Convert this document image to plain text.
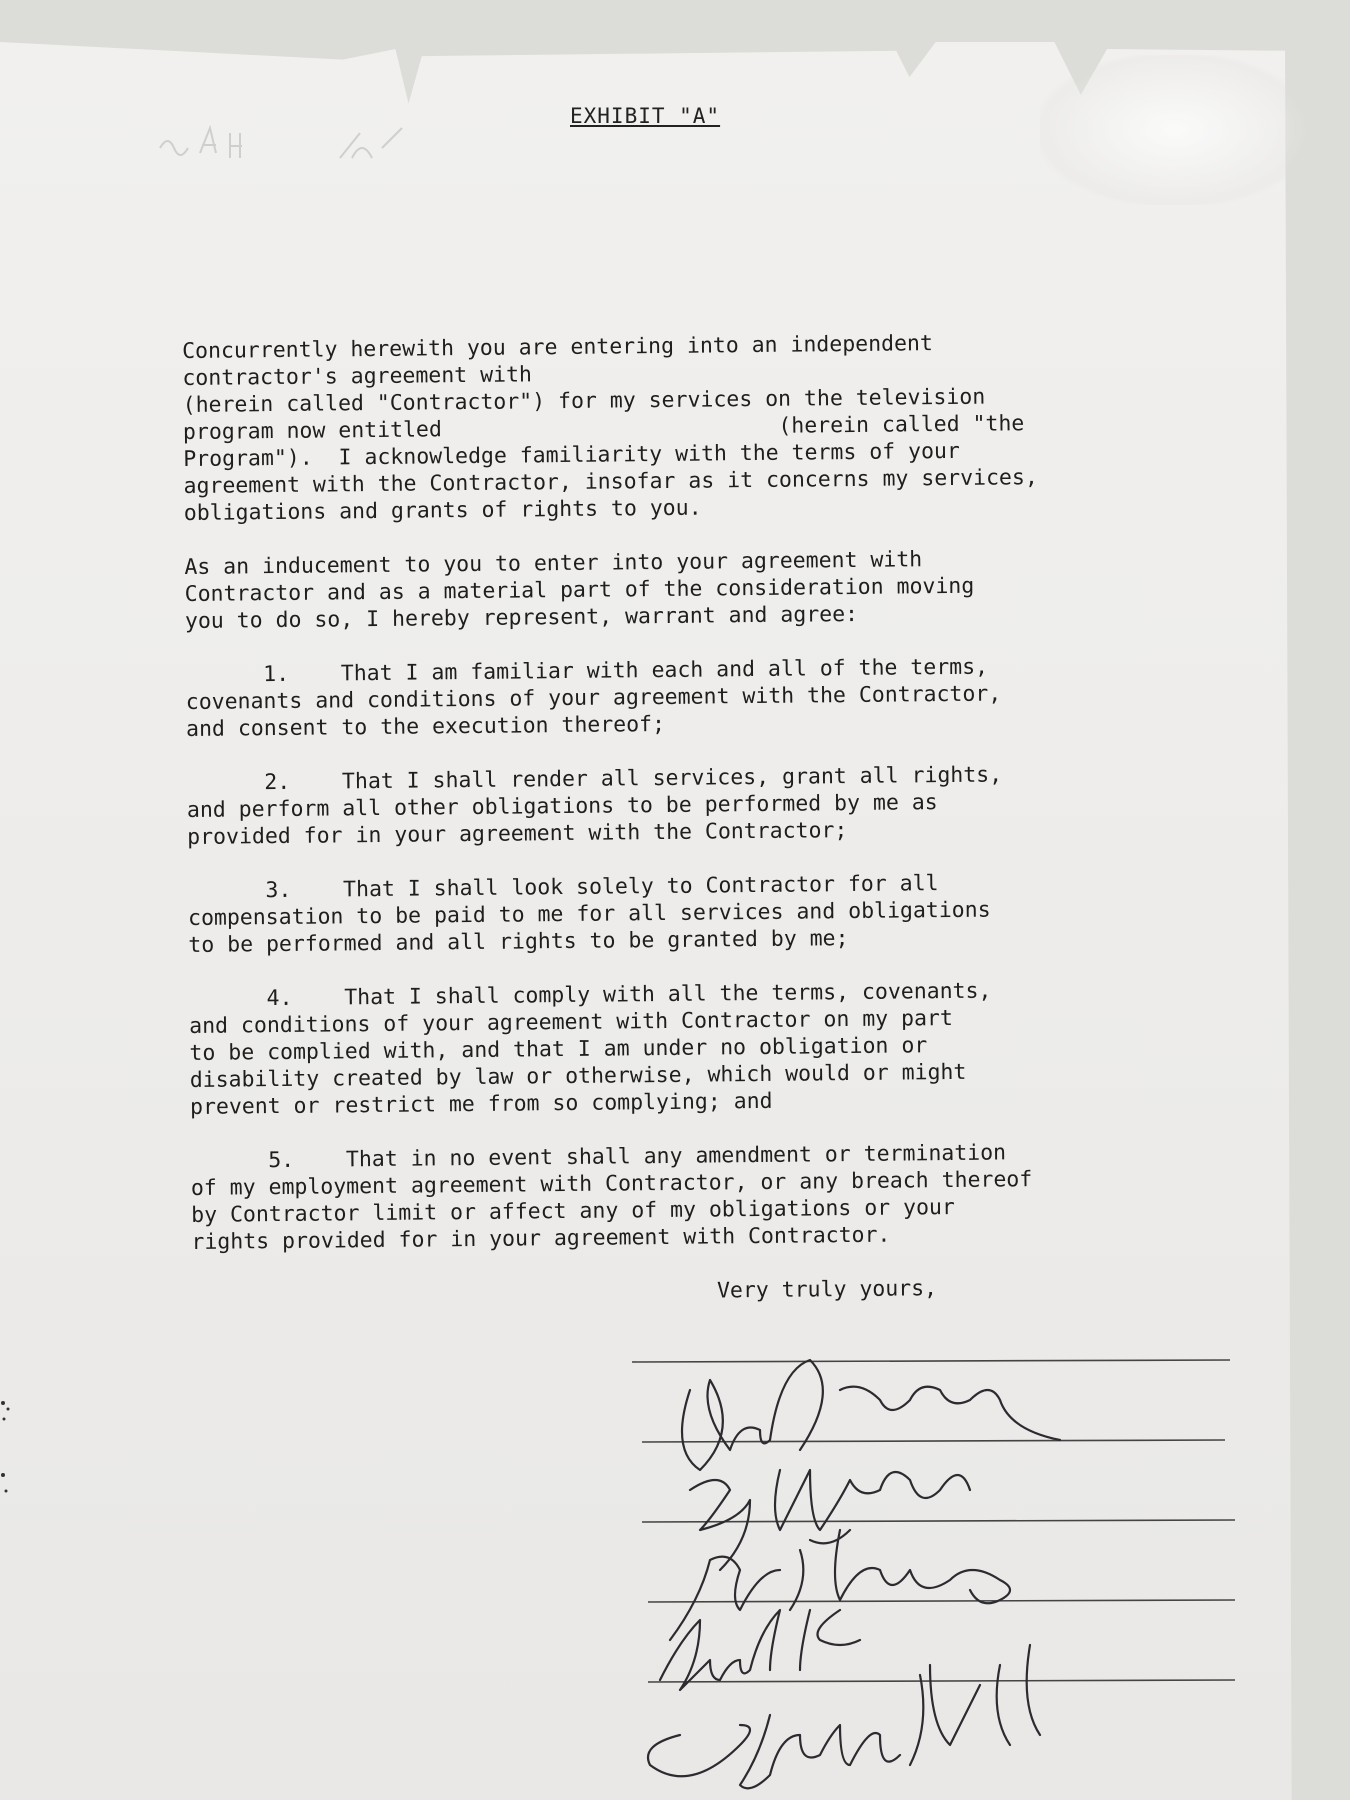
EXHIBIT "A"

Concurrently herewith you are entering into an independent
contractor's agreement with
(herein called "Contractor") for my services on the television
program now entitled                          (herein called "the
Program").  I acknowledge familiarity with the terms of your
agreement with the Contractor, insofar as it concerns my services,
obligations and grants of rights to you.

As an inducement to you to enter into your agreement with
Contractor and as a material part of the consideration moving
you to do so, I hereby represent, warrant and agree:

1.    That I am familiar with each and all of the terms,
covenants and conditions of your agreement with the Contractor,
and consent to the execution thereof;

2.    That I shall render all services, grant all rights,
and perform all other obligations to be performed by me as
provided for in your agreement with the Contractor;

3.    That I shall look solely to Contractor for all
compensation to be paid to me for all services and obligations
to be performed and all rights to be granted by me;

4.    That I shall comply with all the terms, covenants,
and conditions of your agreement with Contractor on my part
to be complied with, and that I am under no obligation or
disability created by law or otherwise, which would or might
prevent or restrict me from so complying; and

5.    That in no event shall any amendment or termination
of my employment agreement with Contractor, or any breach thereof
by Contractor limit or affect any of my obligations or your
rights provided for in your agreement with Contractor.

Very truly yours,
